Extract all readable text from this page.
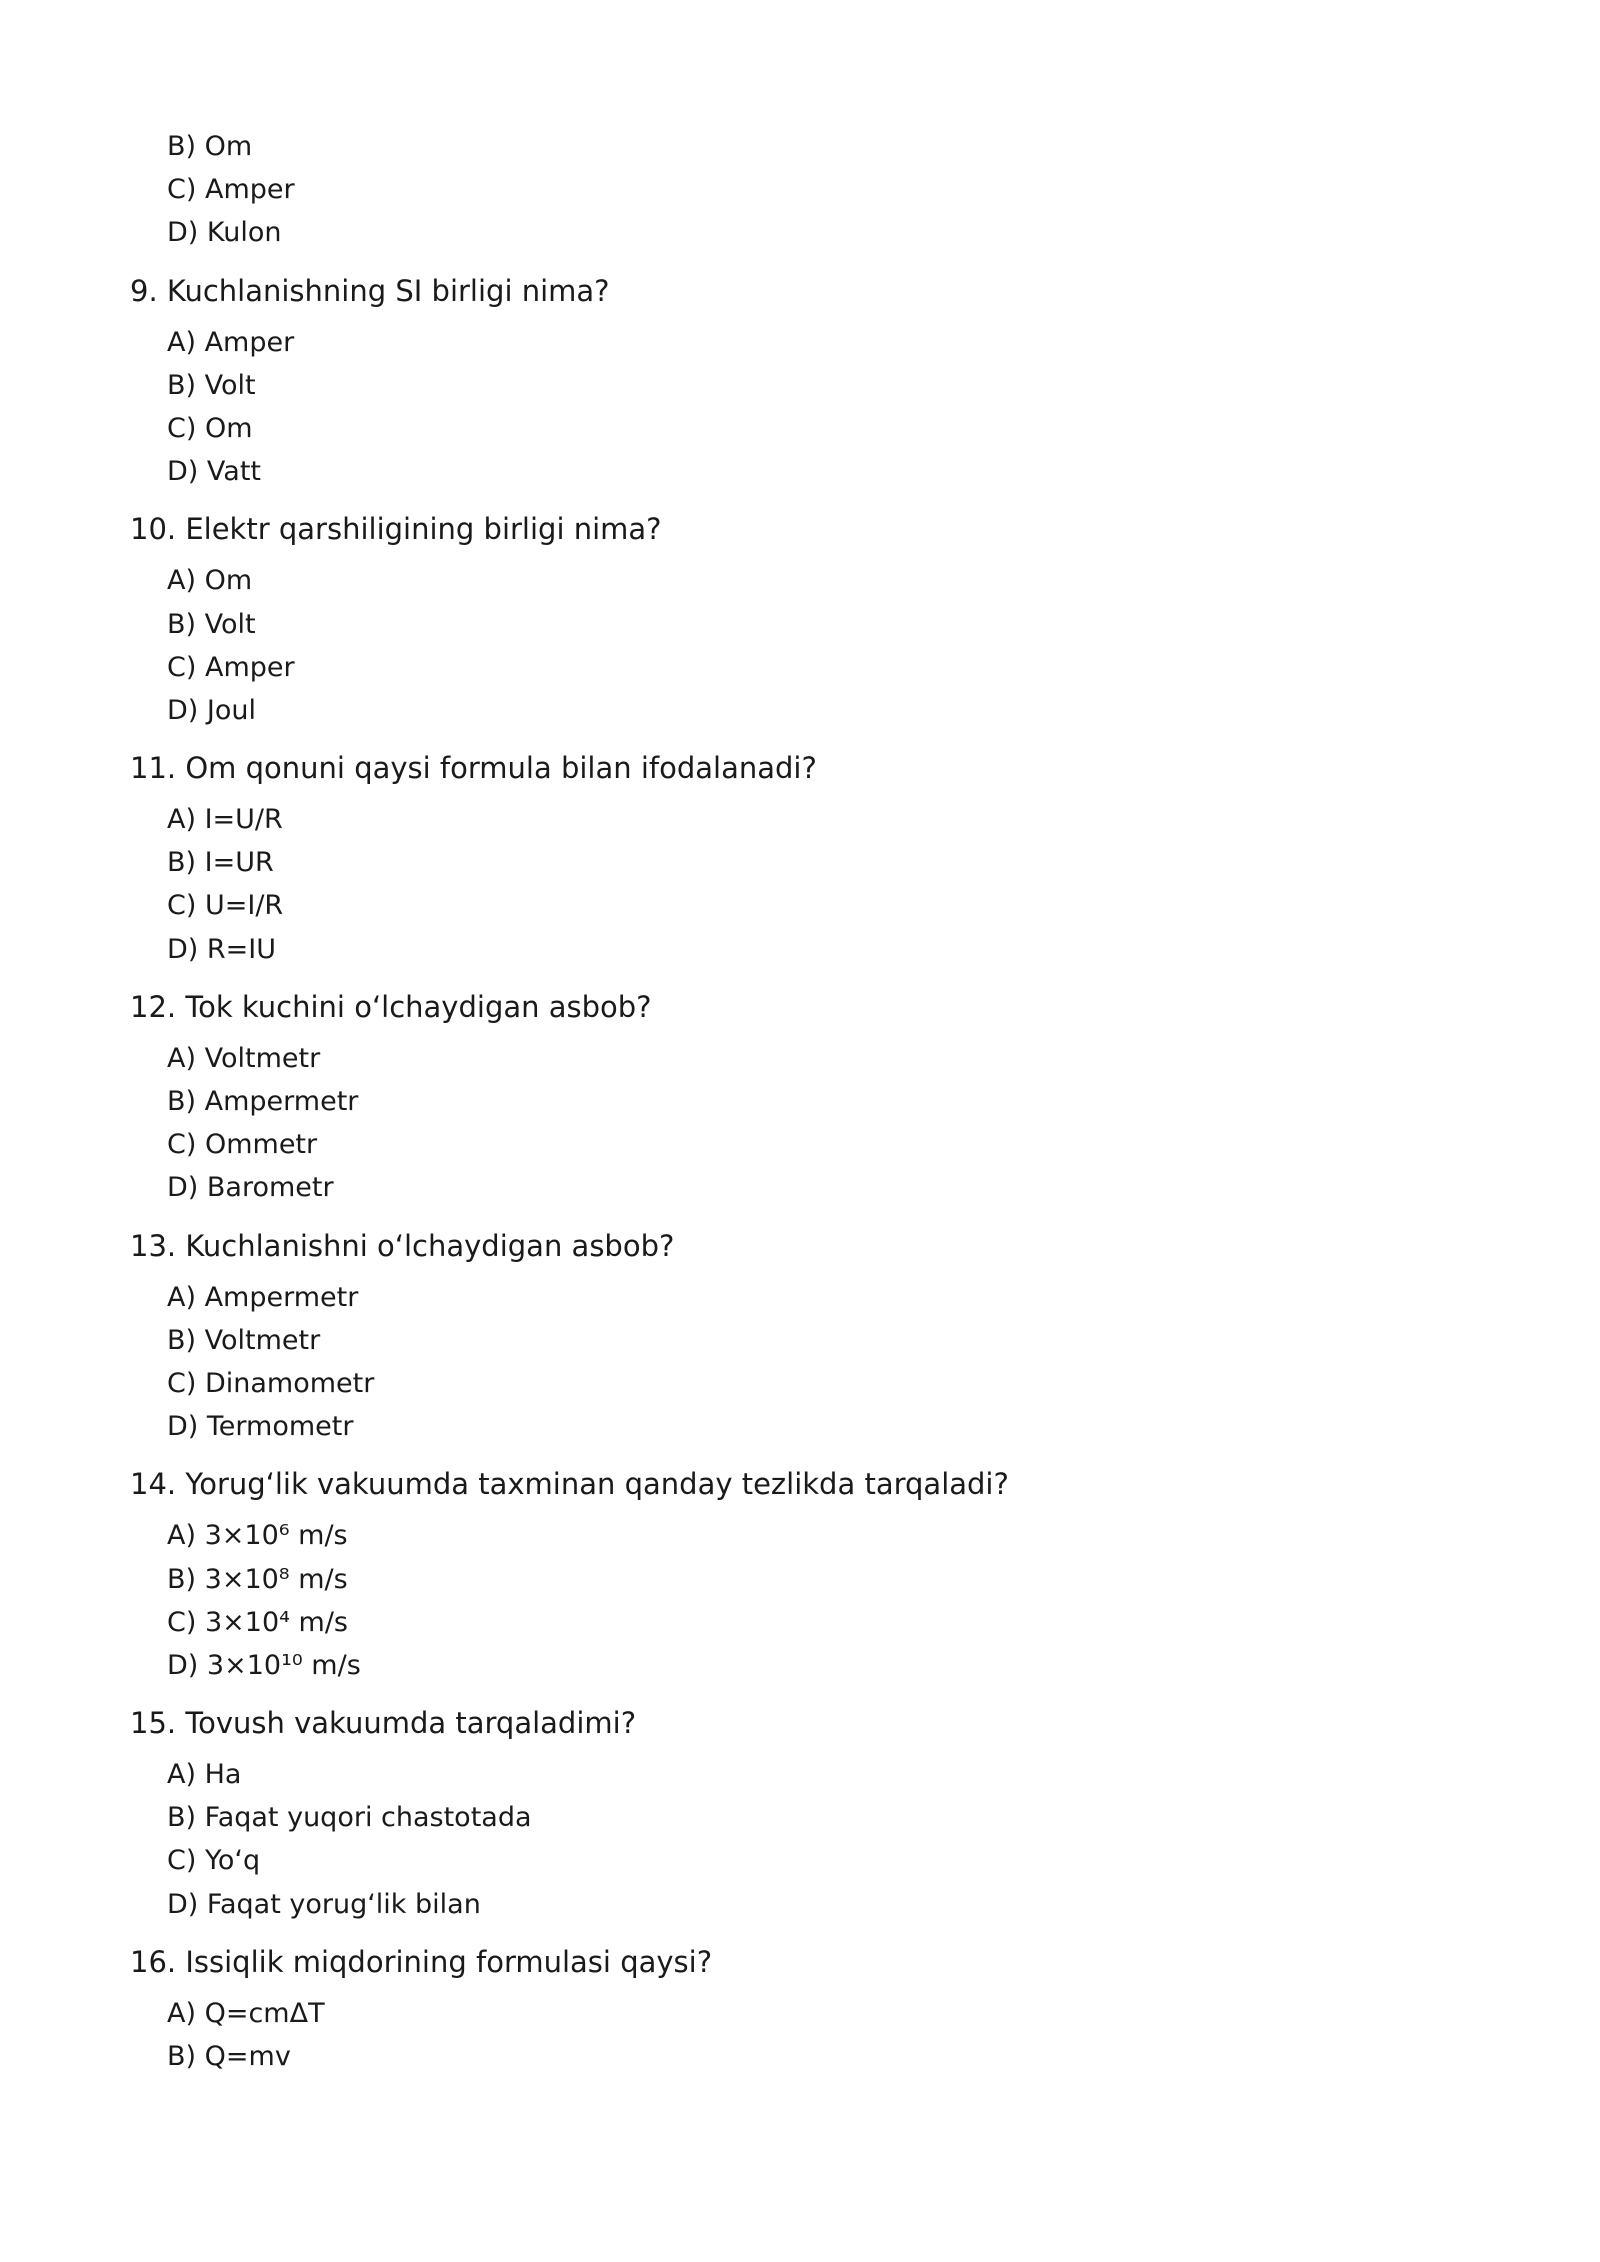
B) Om
C) Amper
D) Kulon
9. Kuchlanishning SI birligi nima?
A) Amper
B) Volt
C) Om
D) Vatt
10. Elektr qarshiligining birligi nima?
A) Om
B) Volt
C) Amper
D) Joul
11. Om qonuni qaysi formula bilan ifodalanadi?
A) I=U/R
B) I=UR
C) U=I/R
D) R=IU
12. Tok kuchini o‘lchaydigan asbob?
A) Voltmetr
B) Ampermetr
C) Ommetr
D) Barometr
13. Kuchlanishni o‘lchaydigan asbob?
A) Ampermetr
B) Voltmetr
C) Dinamometr
D) Termometr
14. Yorug‘lik vakuumda taxminan qanday tezlikda tarqaladi?
A) 3×10⁶ m/s
B) 3×10⁸ m/s
C) 3×10⁴ m/s
D) 3×10¹⁰ m/s
15. Tovush vakuumda tarqaladimi?
A) Ha
B) Faqat yuqori chastotada
C) Yo‘q
D) Faqat yorug‘lik bilan
16. Issiqlik miqdorining formulasi qaysi?
A) Q=cmΔT
B) Q=mv
